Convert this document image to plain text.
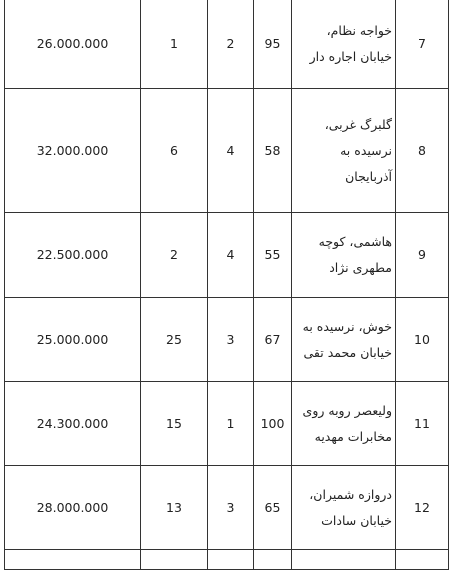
26.000.000	1	2	95	خواجه نظام، خیابان اجاره دار	7
32.000.000	6	4	58	گلبرگ غربی، نرسیده به آذربایجان	8
22.500.000	2	4	55	هاشمی، کوچه مطهری نژاد	9
25.000.000	25	3	67	خوش، نرسیده به خیابان محمد تقی	10
24.300.000	15	1	100	ولیعصر روبه روی مخابرات مهدیه	11
28.000.000	13	3	65	دروازه شمیران، خیابان سادات	12
